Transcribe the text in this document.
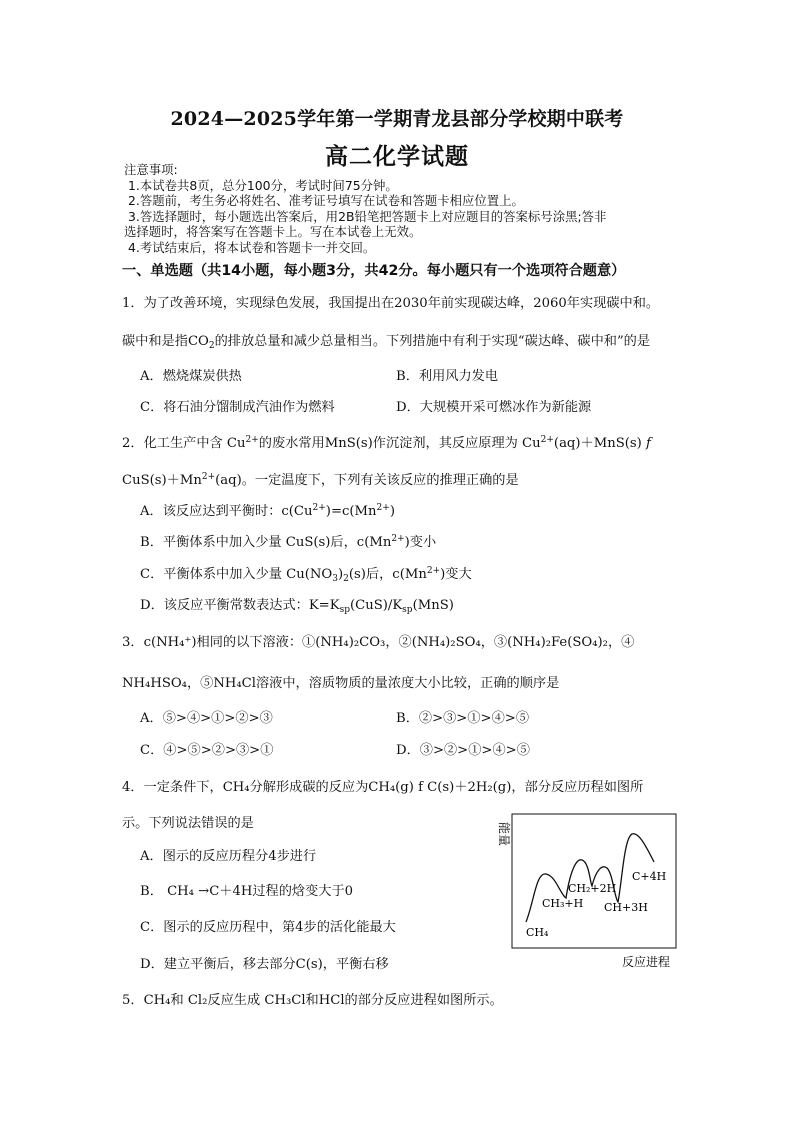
2024—2025学年第一学期青龙县部分学校期中联考
高二化学试题
注意事项:
1.本试卷共8页，总分100分，考试时间75分钟。
2.答题前，考生务必将姓名、准考证号填写在试卷和答题卡相应位置上。
3.答选择题时，每小题选出答案后，用2B铅笔把答题卡上对应题目的答案标号涂黑;答非
选择题时，将答案写在答题卡上。写在本试卷上无效。
4.考试结束后，将本试卷和答题卡一并交回。
一、单选题（共14小题，每小题3分，共42分。每小题只有一个选项符合题意）
1．为了改善环境，实现绿色发展，我国提出在2030年前实现碳达峰，2060年实现碳中和。
碳中和是指$CO_2$的排放总量和减少总量相当。下列措施中有利于实现“碳达峰、碳中和”的是
A．燃烧煤炭供热	B．利用风力发电
C．将石油分馏制成汽油作为燃料	D．大规模开采可燃冰作为新能源
2．化工生产中含 $Cu^{2+}$的废水常用MnS(s)作沉淀剂，其反应原理为 $Cu^{2+}(aq)+MnS(s)$ f
$CuS(s)+Mn^{2+}(aq)$。一定温度下，下列有关该反应的推理正确的是
A．该反应达到平衡时：$c(Cu^{2+})=c(Mn^{2+})$
B．平衡体系中加入少量 CuS(s)后，$c(Mn^{2+})$变小
C．平衡体系中加入少量 $Cu(NO_3)_2(s)$后，$c(Mn^{2+})$变大
D．该反应平衡常数表达式：$K=K_{sp}(CuS)/K_{sp}(MnS)$
3．c(NH₄⁺)相同的以下溶液：①(NH₄)₂CO₃，②(NH₄)₂SO₄，③(NH₄)₂Fe(SO₄)₂，④
NH₄HSO₄，⑤NH₄Cl溶液中，溶质物质的量浓度大小比较，正确的顺序是
A．⑤>④>①>②>③	B．②>③>①>④>⑤
C．④>⑤>②>③>①	D．③>②>①>④>⑤
4．一定条件下，CH₄分解形成碳的反应为CH₄(g) f C(s)＋2H₂(g)，部分反应历程如图所
示。下列说法错误的是
A．图示的反应历程分4步进行
B． CH₄ →C＋4H过程的焓变大于0
C．图示的反应历程中，第4步的活化能最大
D．建立平衡后，移去部分C(s)，平衡右移
能量
CH₄
CH₃+H
CH₂+2H
CH+3H
C+4H
反应进程
5．CH₄和 Cl₂反应生成 CH₃Cl和HCl的部分反应进程如图所示。
